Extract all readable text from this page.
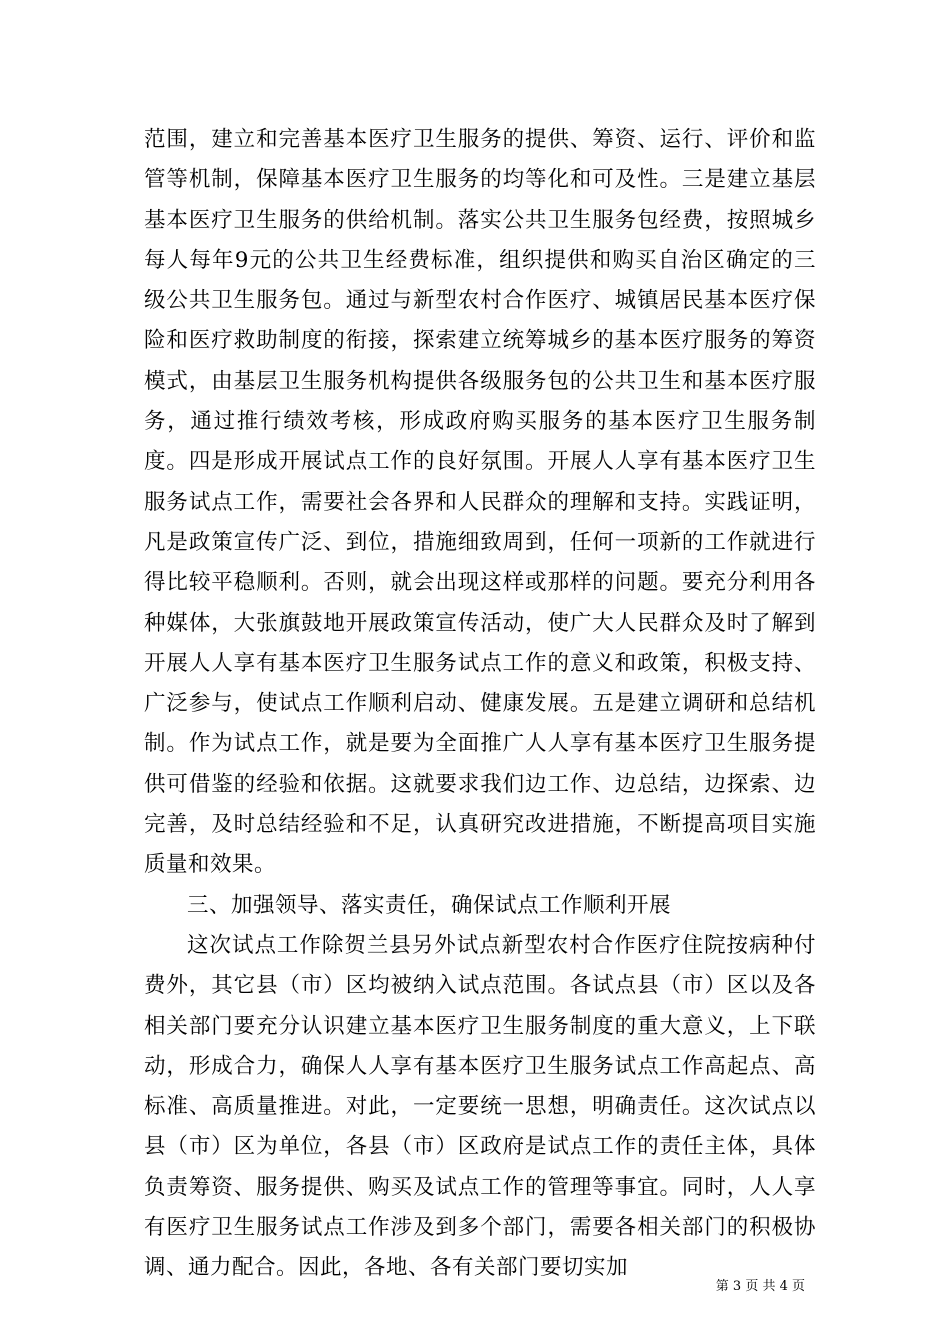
范围，建立和完善基本医疗卫生服务的提供、筹资、运行、评价和监管等机制，保障基本医疗卫生服务的均等化和可及性。三是建立基层基本医疗卫生服务的供给机制。落实公共卫生服务包经费，按照城乡每人每年9元的公共卫生经费标准，组织提供和购买自治区确定的三级公共卫生服务包。通过与新型农村合作医疗、城镇居民基本医疗保险和医疗救助制度的衔接，探索建立统筹城乡的基本医疗服务的筹资模式，由基层卫生服务机构提供各级服务包的公共卫生和基本医疗服务，通过推行绩效考核，形成政府购买服务的基本医疗卫生服务制度。四是形成开展试点工作的良好氛围。开展人人享有基本医疗卫生服务试点工作，需要社会各界和人民群众的理解和支持。实践证明，凡是政策宣传广泛、到位，措施细致周到，任何一项新的工作就进行得比较平稳顺利。否则，就会出现这样或那样的问题。要充分利用各种媒体，大张旗鼓地开展政策宣传活动，使广大人民群众及时了解到开展人人享有基本医疗卫生服务试点工作的意义和政策，积极支持、广泛参与，使试点工作顺利启动、健康发展。五是建立调研和总结机制。作为试点工作，就是要为全面推广人人享有基本医疗卫生服务提供可借鉴的经验和依据。这就要求我们边工作、边总结，边探索、边完善，及时总结经验和不足，认真研究改进措施，不断提高项目实施质量和效果。

三、加强领导、落实责任，确保试点工作顺利开展

这次试点工作除贺兰县另外试点新型农村合作医疗住院按病种付费外，其它县（市）区均被纳入试点范围。各试点县（市）区以及各相关部门要充分认识建立基本医疗卫生服务制度的重大意义，上下联动，形成合力，确保人人享有基本医疗卫生服务试点工作高起点、高标准、高质量推进。对此，一定要统一思想，明确责任。这次试点以县（市）区为单位，各县（市）区政府是试点工作的责任主体，具体负责筹资、服务提供、购买及试点工作的管理等事宜。同时，人人享有医疗卫生服务试点工作涉及到多个部门，需要各相关部门的积极协调、通力配合。因此，各地、各有关部门要切实加

第 3 页 共 4 页
